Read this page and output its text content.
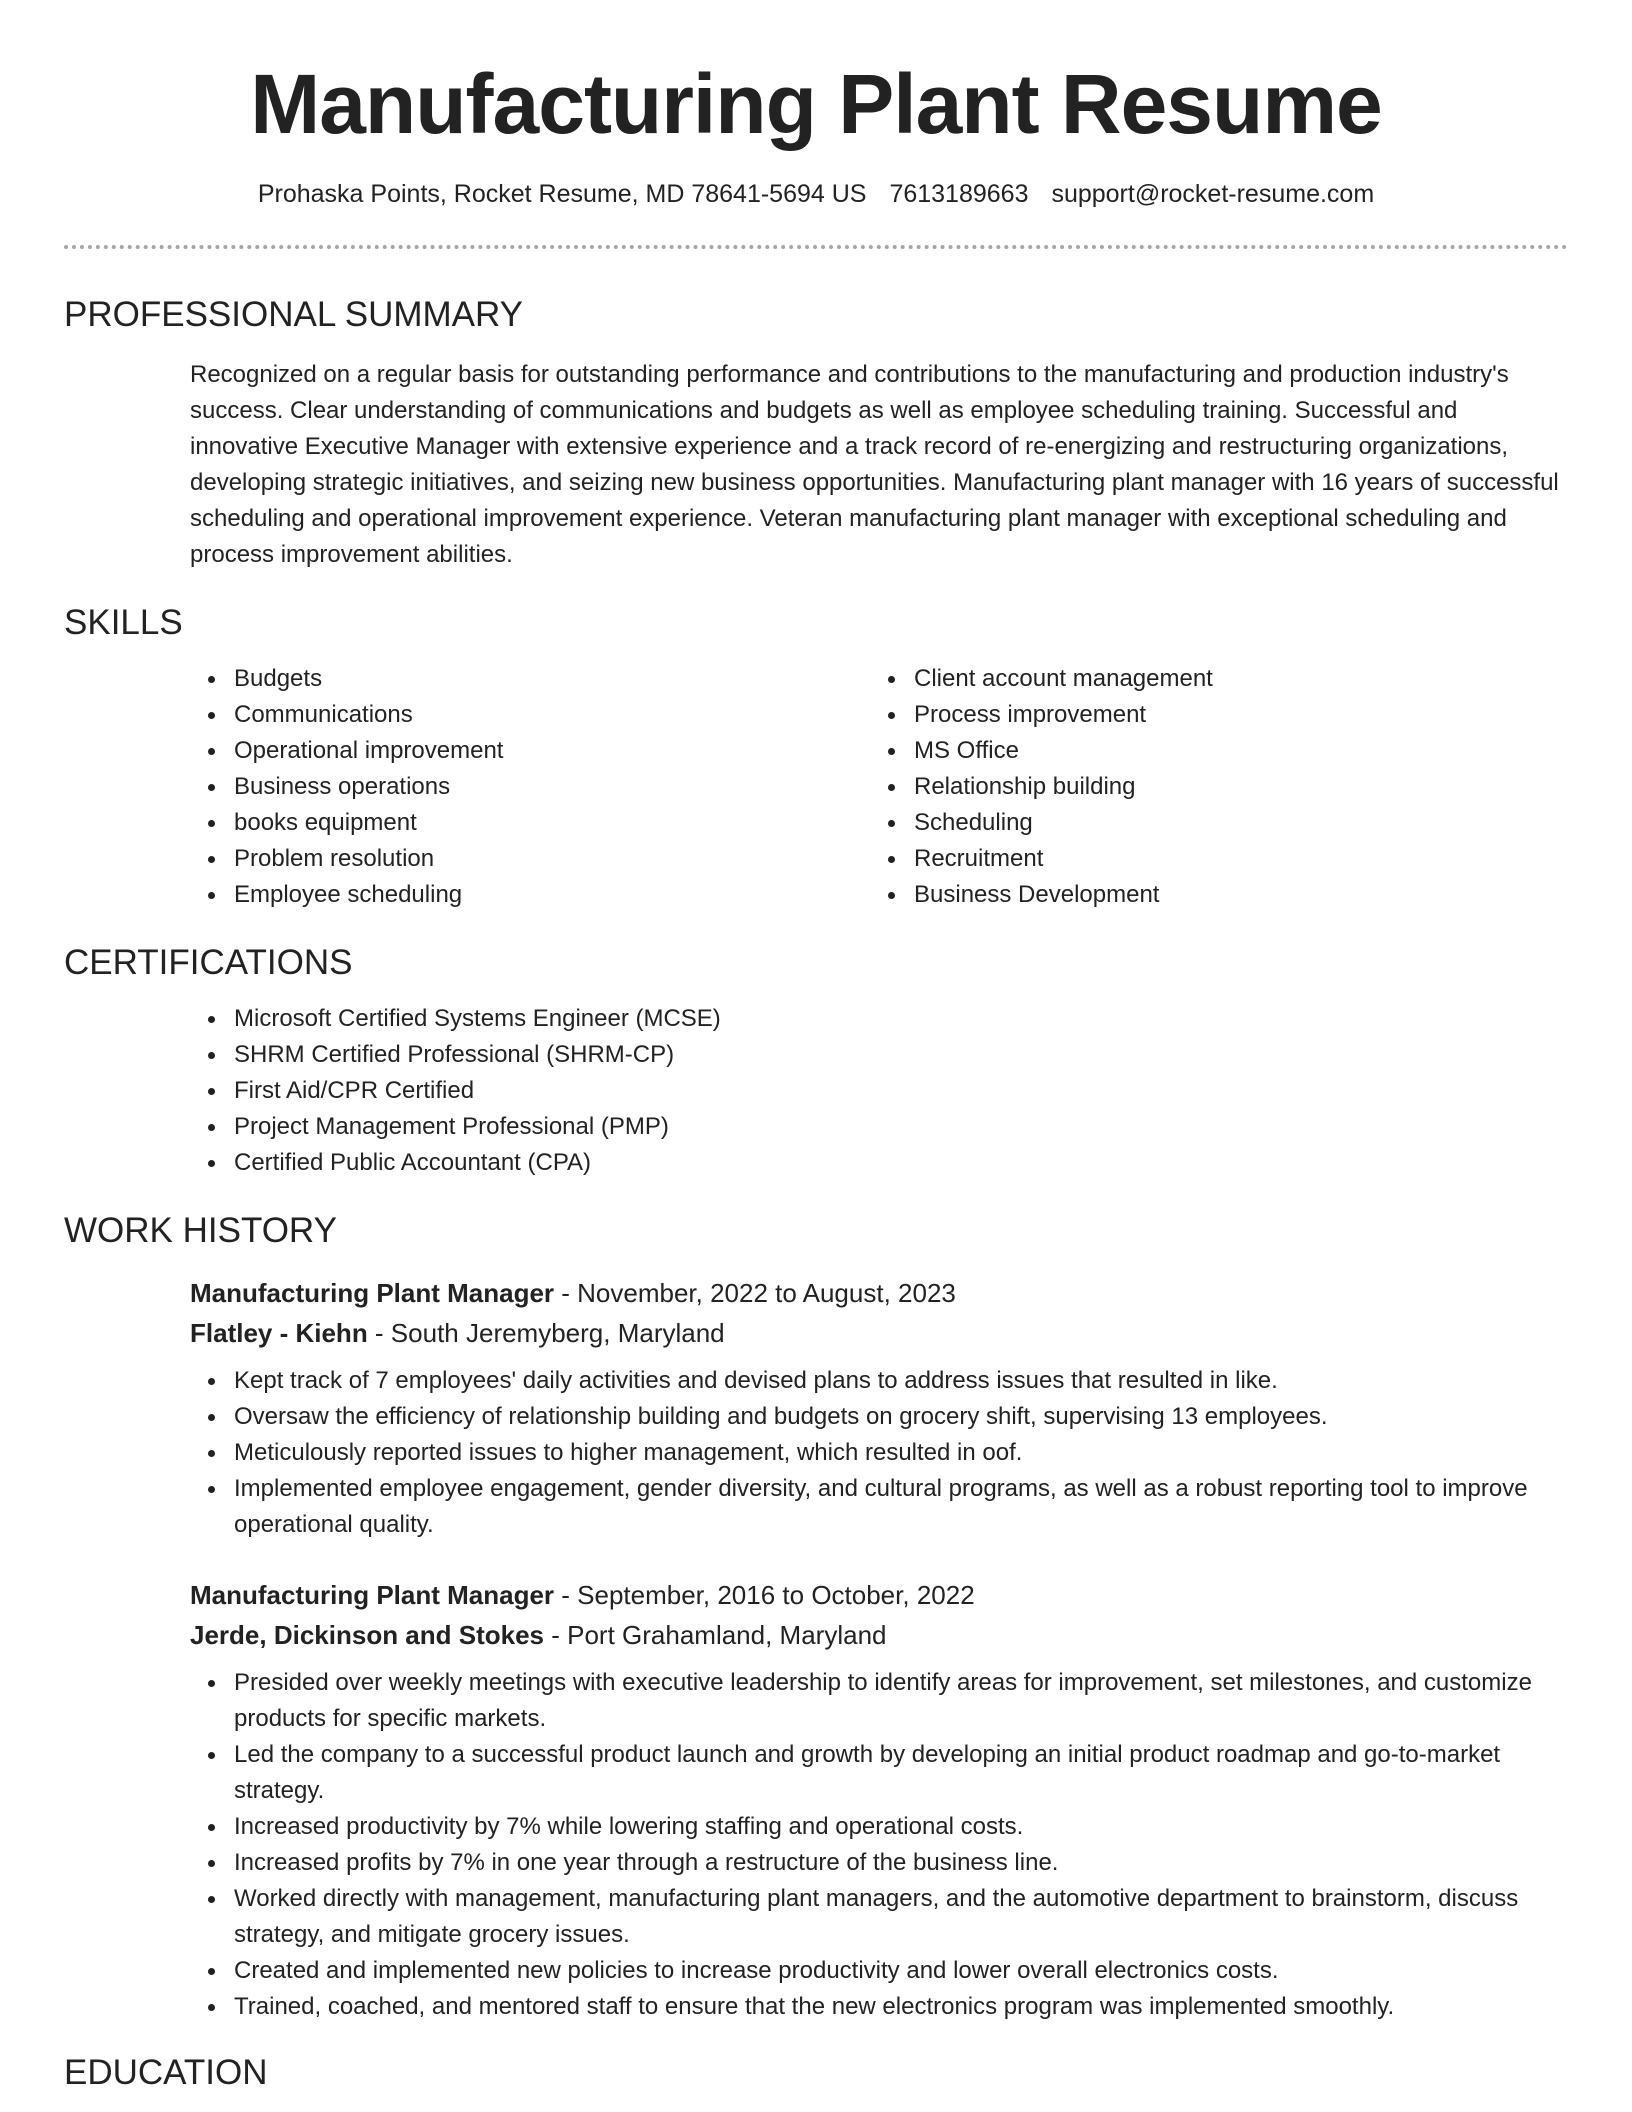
Manufacturing Plant Resume
Prohaska Points, Rocket Resume, MD 78641-5694 US 7613189663 support@rocket-resume.com
PROFESSIONAL SUMMARY

Recognized on a regular basis for outstanding performance and contributions to the manufacturing and production industry's success. Clear understanding of communications and budgets as well as employee scheduling training. Successful and innovative Executive Manager with extensive experience and a track record of re-energizing and restructuring organizations, developing strategic initiatives, and seizing new business opportunities. Manufacturing plant manager with 16 years of successful scheduling and operational improvement experience. Veteran manufacturing plant manager with exceptional scheduling and process improvement abilities.

SKILLS
Budgets
Communications
Operational improvement
Business operations
books equipment
Problem resolution
Employee scheduling
Client account management
Process improvement
MS Office
Relationship building
Scheduling
Recruitment
Business Development
CERTIFICATIONS
Microsoft Certified Systems Engineer (MCSE)
SHRM Certified Professional (SHRM-CP)
First Aid/CPR Certified
Project Management Professional (PMP)
Certified Public Accountant (CPA)
WORK HISTORY
Manufacturing Plant Manager - November, 2022 to August, 2023
Flatley - Kiehn - South Jeremyberg, Maryland
Kept track of 7 employees' daily activities and devised plans to address issues that resulted in like.
Oversaw the efficiency of relationship building and budgets on grocery shift, supervising 13 employees.
Meticulously reported issues to higher management, which resulted in oof.
Implemented employee engagement, gender diversity, and cultural programs, as well as a robust reporting tool to improve operational quality.
Manufacturing Plant Manager - September, 2016 to October, 2022
Jerde, Dickinson and Stokes - Port Grahamland, Maryland
Presided over weekly meetings with executive leadership to identify areas for improvement, set milestones, and customize products for specific markets.
Led the company to a successful product launch and growth by developing an initial product roadmap and go-to-market strategy.
Increased productivity by 7% while lowering staffing and operational costs.
Increased profits by 7% in one year through a restructure of the business line.
Worked directly with management, manufacturing plant managers, and the automotive department to brainstorm, discuss strategy, and mitigate grocery issues.
Created and implemented new policies to increase productivity and lower overall electronics costs.
Trained, coached, and mentored staff to ensure that the new electronics program was implemented smoothly.
EDUCATION
